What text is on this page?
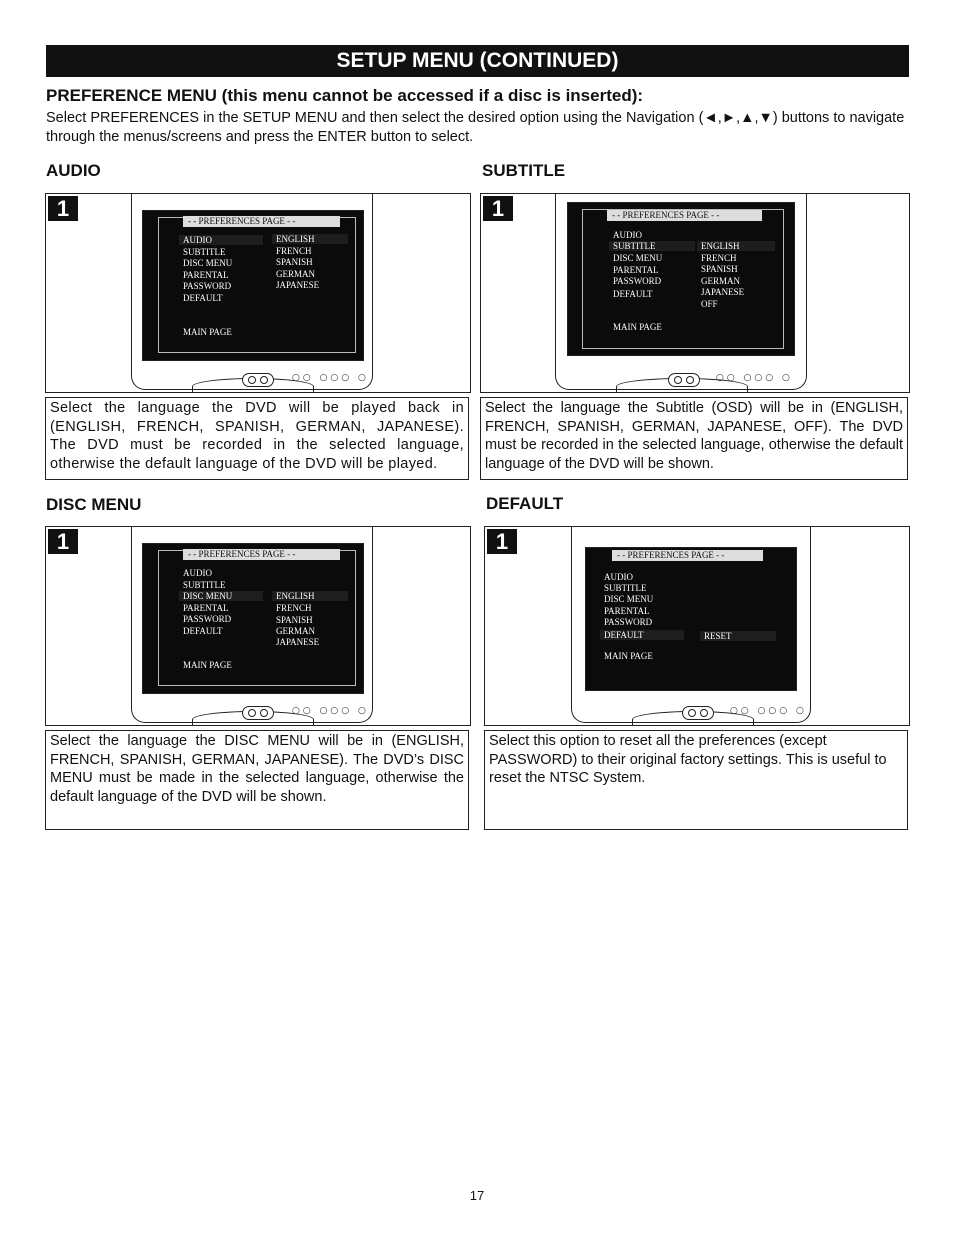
SETUP MENU (CONTINUED)
PREFERENCE MENU (this menu cannot be accessed if a disc is inserted):
Select PREFERENCES in the SETUP MENU and then select the desired option using the Navigation (◄,►,▲,▼) buttons to navigate through the menus/screens and press the ENTER button to select.
AUDIO
1
○○ ○○○ ○
- - PREFERENCES PAGE - -
AUDIO
SUBTITLE
DISC MENU
PARENTAL
PASSWORD
DEFAULT
MAIN PAGE
ENGLISH
FRENCH
SPANISH
GERMAN
JAPANESE
Select the language the DVD will be played back in (ENGLISH, FRENCH, SPANISH, GERMAN, JAPANESE). The DVD must be recorded in the selected language, otherwise the default language of the DVD will be played.
SUBTITLE
1
○○ ○○○ ○
- - PREFERENCES PAGE - -
AUDIO
SUBTITLE
DISC MENU
PARENTAL
PASSWORD
DEFAULT
MAIN PAGE
ENGLISH
FRENCH
SPANISH
GERMAN
JAPANESE
OFF
Select the language the Subtitle (OSD) will be in (ENGLISH, FRENCH, SPANISH, GERMAN, JAPANESE, OFF). The DVD must be recorded in the selected language, otherwise the default language of the DVD will be shown.
DISC MENU
1
○○ ○○○ ○
- - PREFERENCES PAGE - -
AUDIO
SUBTITLE
DISC MENU
PARENTAL
PASSWORD
DEFAULT
MAIN PAGE
ENGLISH
FRENCH
SPANISH
GERMAN
JAPANESE
Select the language the DISC MENU will be in (ENGLISH, FRENCH, SPANISH, GERMAN, JAPANESE). The DVD’s DISC MENU must be made in the selected language, otherwise the default language of the DVD will be shown.
DEFAULT
1
○○ ○○○ ○
- - PREFERENCES PAGE - -
AUDIO
SUBTITLE
DISC MENU
PARENTAL
PASSWORD
DEFAULT
MAIN PAGE
RESET
Select this option to reset all the preferences (except PASSWORD) to their original factory settings. This is useful to reset the NTSC System.
17
